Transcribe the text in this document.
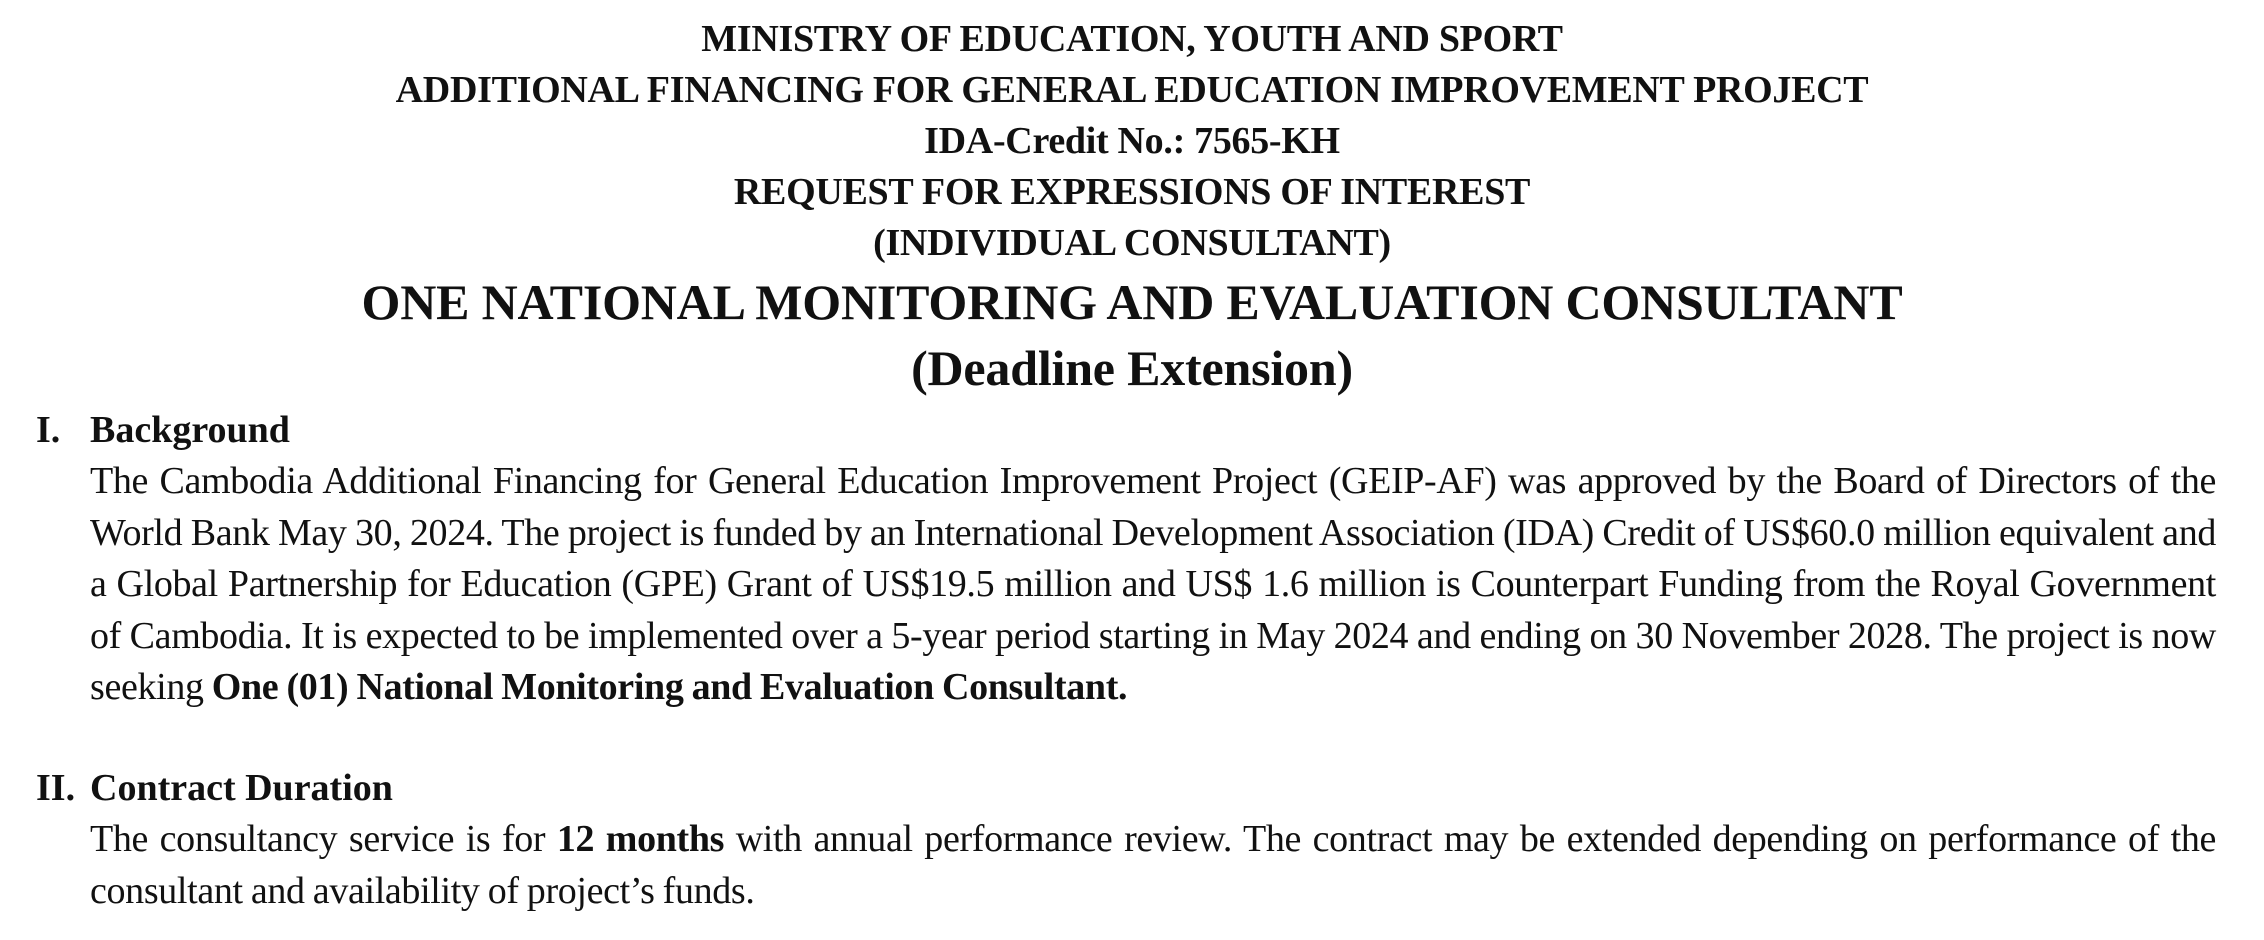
MINISTRY OF EDUCATION, YOUTH AND SPORT
ADDITIONAL FINANCING FOR GENERAL EDUCATION IMPROVEMENT PROJECT
IDA-Credit No.: 7565-KH
REQUEST FOR EXPRESSIONS OF INTEREST
(INDIVIDUAL CONSULTANT)
ONE NATIONAL MONITORING AND EVALUATION CONSULTANT
(Deadline Extension)
I. Background
The Cambodia Additional Financing for General Education Improvement Project (GEIP-AF) was approved by the Board of Directors of the World Bank May 30, 2024. The project is funded by an International Development Association (IDA) Credit of US$60.0 million equivalent and a Global Partnership for Education (GPE) Grant of US$19.5 million and US$ 1.6 million is Counterpart Funding from the Royal Government of Cambodia. It is expected to be implemented over a 5-year period starting in May 2024 and ending on 30 November 2028. The project is now seeking One (01) National Monitoring and Evaluation Consultant.
II. Contract Duration
The consultancy service is for 12 months with annual performance review. The contract may be extended depending on performance of the consultant and availability of project’s funds.
